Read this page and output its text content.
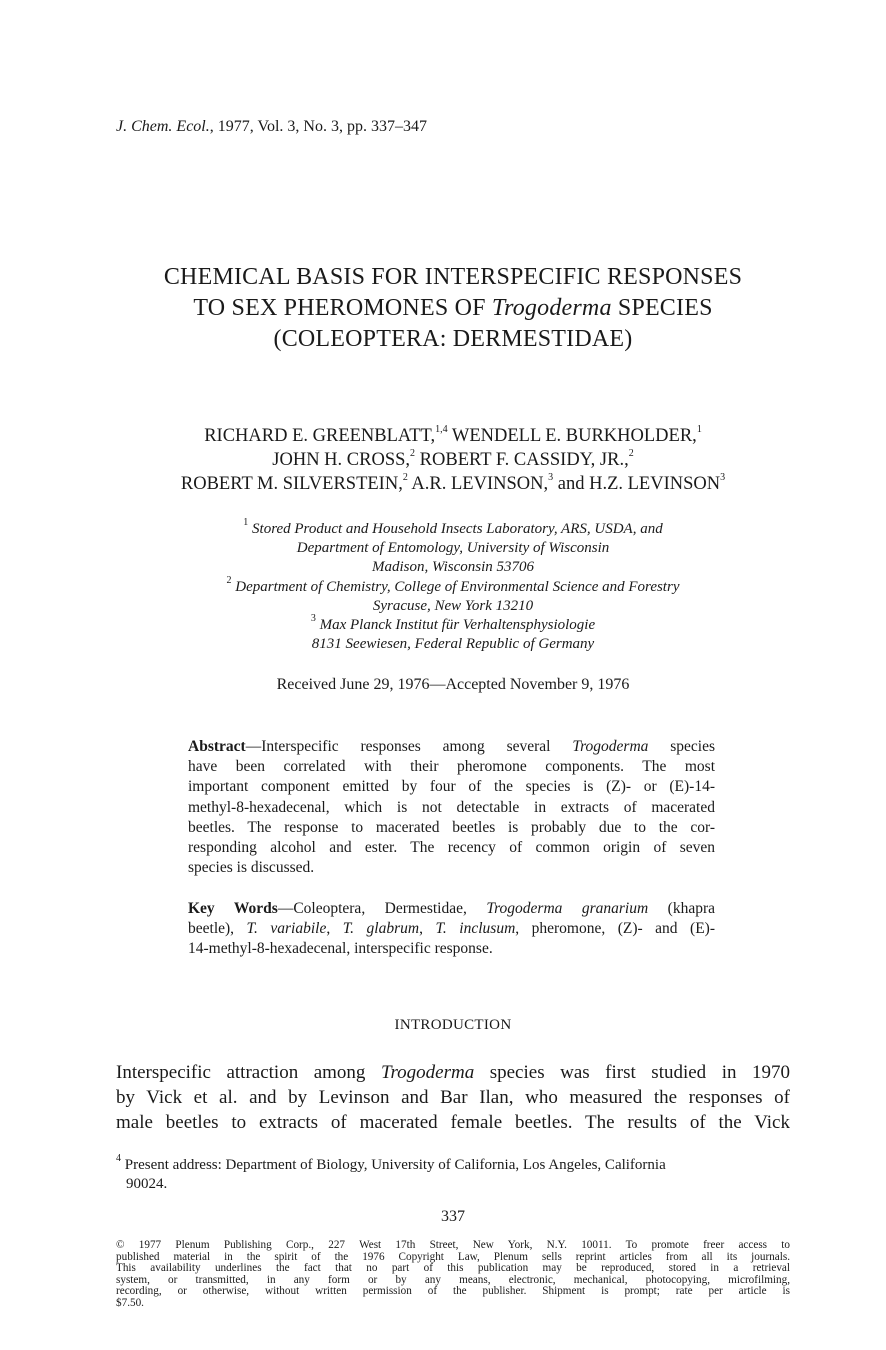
J. Chem. Ecol., 1977, Vol. 3, No. 3, pp. 337–347
CHEMICAL BASIS FOR INTERSPECIFIC RESPONSES
TO SEX PHEROMONES OF Trogoderma SPECIES
(COLEOPTERA: DERMESTIDAE)
RICHARD E. GREENBLATT,$^{1,4}$ WENDELL E. BURKHOLDER,$^1$
JOHN H. CROSS,$^2$ ROBERT F. CASSIDY, JR.,$^2$
ROBERT M. SILVERSTEIN,$^2$ A.R. LEVINSON,$^3$ and H.Z. LEVINSON$^3$
$^1$ Stored Product and Household Insects Laboratory, ARS, USDA, and
Department of Entomology, University of Wisconsin
Madison, Wisconsin 53706
$^2$ Department of Chemistry, College of Environmental Science and Forestry
Syracuse, New York 13210
$^3$ Max Planck Institut für Verhaltensphysiologie
8131 Seewiesen, Federal Republic of Germany
Received June 29, 1976—Accepted November 9, 1976
Abstract—Interspecific responses among several Trogoderma species
have been correlated with their pheromone components. The most
important component emitted by four of the species is (Z)- or (E)-14-
methyl-8-hexadecenal, which is not detectable in extracts of macerated
beetles. The response to macerated beetles is probably due to the cor-
responding alcohol and ester. The recency of common origin of seven
species is discussed.
Key Words—Coleoptera, Dermestidae, Trogoderma granarium (khapra
beetle), T. variabile, T. glabrum, T. inclusum, pheromone, (Z)- and (E)-
14-methyl-8-hexadecenal, interspecific response.
INTRODUCTION
Interspecific attraction among Trogoderma species was first studied in 1970
by Vick et al. and by Levinson and Bar Ilan, who measured the responses of
male beetles to extracts of macerated female beetles. The results of the Vick
$^4$ Present address: Department of Biology, University of California, Los Angeles, California
90024.
337
© 1977 Plenum Publishing Corp., 227 West 17th Street, New York, N.Y. 10011. To promote freer access to
published material in the spirit of the 1976 Copyright Law, Plenum sells reprint articles from all its journals.
This availability underlines the fact that no part of this publication may be reproduced, stored in a retrieval
system, or transmitted, in any form or by any means, electronic, mechanical, photocopying, microfilming,
recording, or otherwise, without written permission of the publisher. Shipment is prompt; rate per article is
$7.50.
